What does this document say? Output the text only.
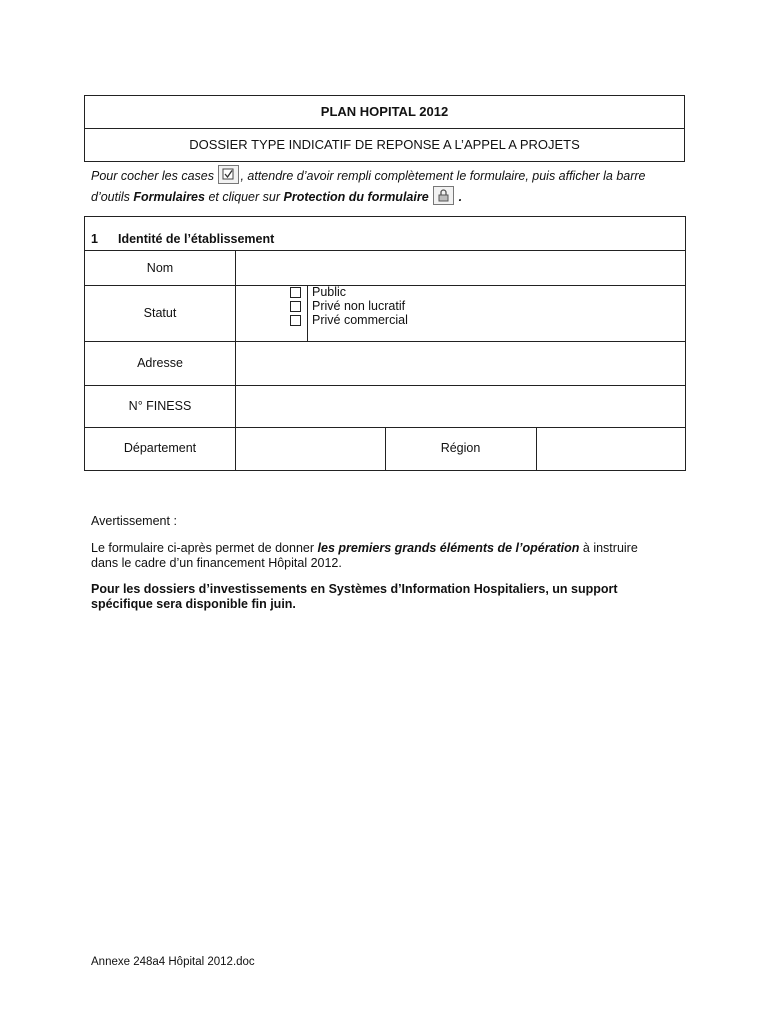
PLAN HOPITAL 2012
DOSSIER TYPE INDICATIF DE REPONSE A L’APPEL A PROJETS
Pour cocher les cases , attendre d’avoir rempli complètement le formulaire, puis afficher la barre
d’outils Formulaires et cliquer sur Protection du formulaire .
1 Identité de l’établissement
Nom
Statut
Adresse
N° FINESS
Département	Région
Public
Privé non lucratif
Privé commercial
Avertissement :
Le formulaire ci-après permet de donner les premiers grands éléments de l’opération à instruire
dans le cadre d’un financement Hôpital 2012.
Pour les dossiers d’investissements en Systèmes d’Information Hospitaliers, un support
spécifique sera disponible fin juin.
Annexe 248a4 Hôpital 2012.doc
